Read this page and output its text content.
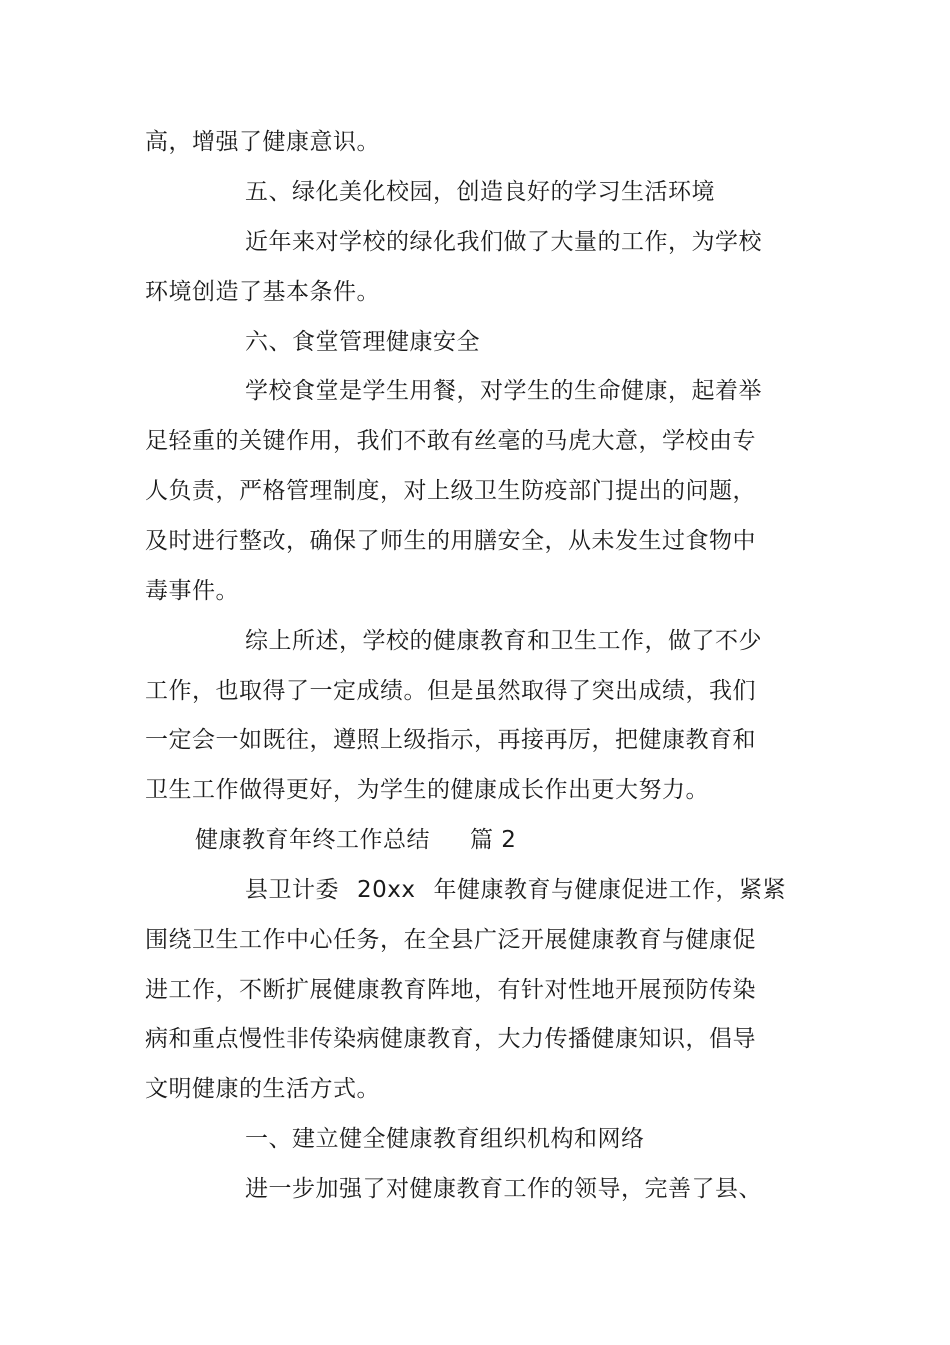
高，增强了健康意识。
五、绿化美化校园，创造良好的学习生活环境
近年来对学校的绿化我们做了大量的工作，为学校
环境创造了基本条件。
六、食堂管理健康安全
学校食堂是学生用餐，对学生的生命健康，起着举
足轻重的关键作用，我们不敢有丝毫的马虎大意，学校由专
人负责，严格管理制度，对上级卫生防疫部门提出的问题，
及时进行整改，确保了师生的用膳安全，从未发生过食物中
毒事件。
综上所述，学校的健康教育和卫生工作，做了不少
工作，也取得了一定成绩。但是虽然取得了突出成绩，我们
一定会一如既往，遵照上级指示，再接再厉，把健康教育和
卫生工作做得更好，为学生的健康成长作出更大努力。
健康教育年终工作总结 篇 2
县卫计委 20xx 年健康教育与健康促进工作，紧紧
围绕卫生工作中心任务，在全县广泛开展健康教育与健康促
进工作，不断扩展健康教育阵地，有针对性地开展预防传染
病和重点慢性非传染病健康教育，大力传播健康知识，倡导
文明健康的生活方式。
一、建立健全健康教育组织机构和网络
进一步加强了对健康教育工作的领导，完善了县、
